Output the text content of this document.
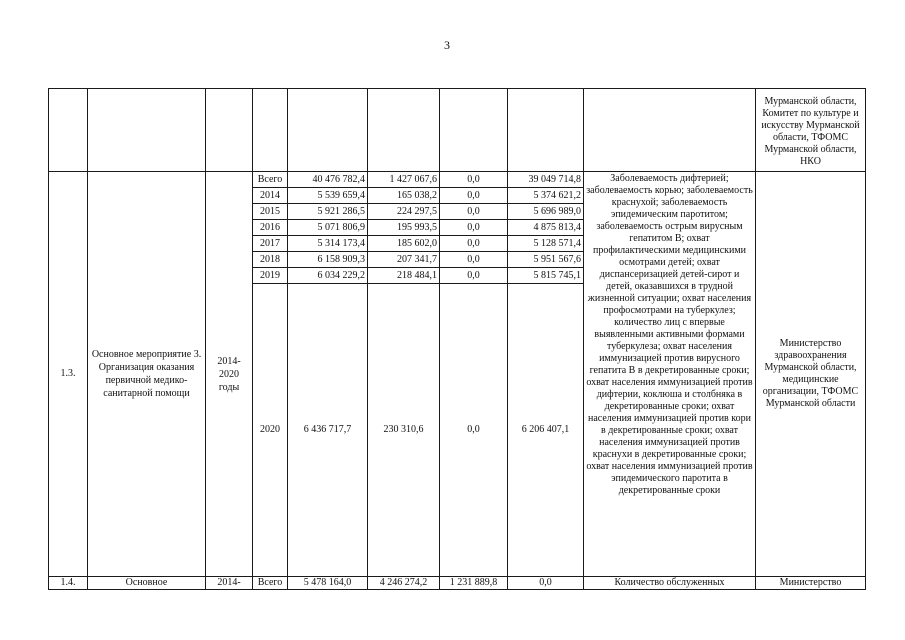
3
									Мурманской области, Комитет по культуре и искусству Мурманской области, ТФОМС Мурманской области, НКО
1.3.	Основное мероприятие 3. Организация оказания первичной медико-санитарной помощи	2014-2020 годы	Всего	40 476 782,4	1 427 067,6	0,0	39 049 714,8	Заболеваемость дифтерией; заболеваемость корью; заболеваемость краснухой; заболеваемость эпидемическим паротитом; заболеваемость острым вирусным гепатитом В; охват профилактическими медицинскими осмотрами детей; охват диспансеризацией детей-сирот и детей, оказавшихся в трудной жизненной ситуации; охват населения профосмотрами на туберкулез; количество лиц с впервые выявленными активными формами туберкулеза; охват населения иммунизацией против вирусного гепатита В в декретированные сроки; охват населения иммунизацией против дифтерии, коклюша и столбняка в декретированные сроки; охват населения иммунизацией против кори в декретированные сроки; охват населения иммунизацией против краснухи в декретированные сроки; охват населения иммунизацией против эпидемического паротита в декретированные сроки	Министерство здравоохранения Мурманской области, медицинские организации, ТФОМС Мурманской области
			2014	5 539 659,4	165 038,2	0,0	5 374 621,2		
			2015	5 921 286,5	224 297,5	0,0	5 696 989,0		
			2016	5 071 806,9	195 993,5	0,0	4 875 813,4		
			2017	5 314 173,4	185 602,0	0,0	5 128 571,4		
			2018	6 158 909,3	207 341,7	0,0	5 951 567,6		
			2019	6 034 229,2	218 484,1	0,0	5 815 745,1		
			2020	6 436 717,7	230 310,6	0,0	6 206 407,1		
1.4.	Основное	2014-	Всего	5 478 164,0	4 246 274,2	1 231 889,8	0,0	Количество обслуженных	Министерство
